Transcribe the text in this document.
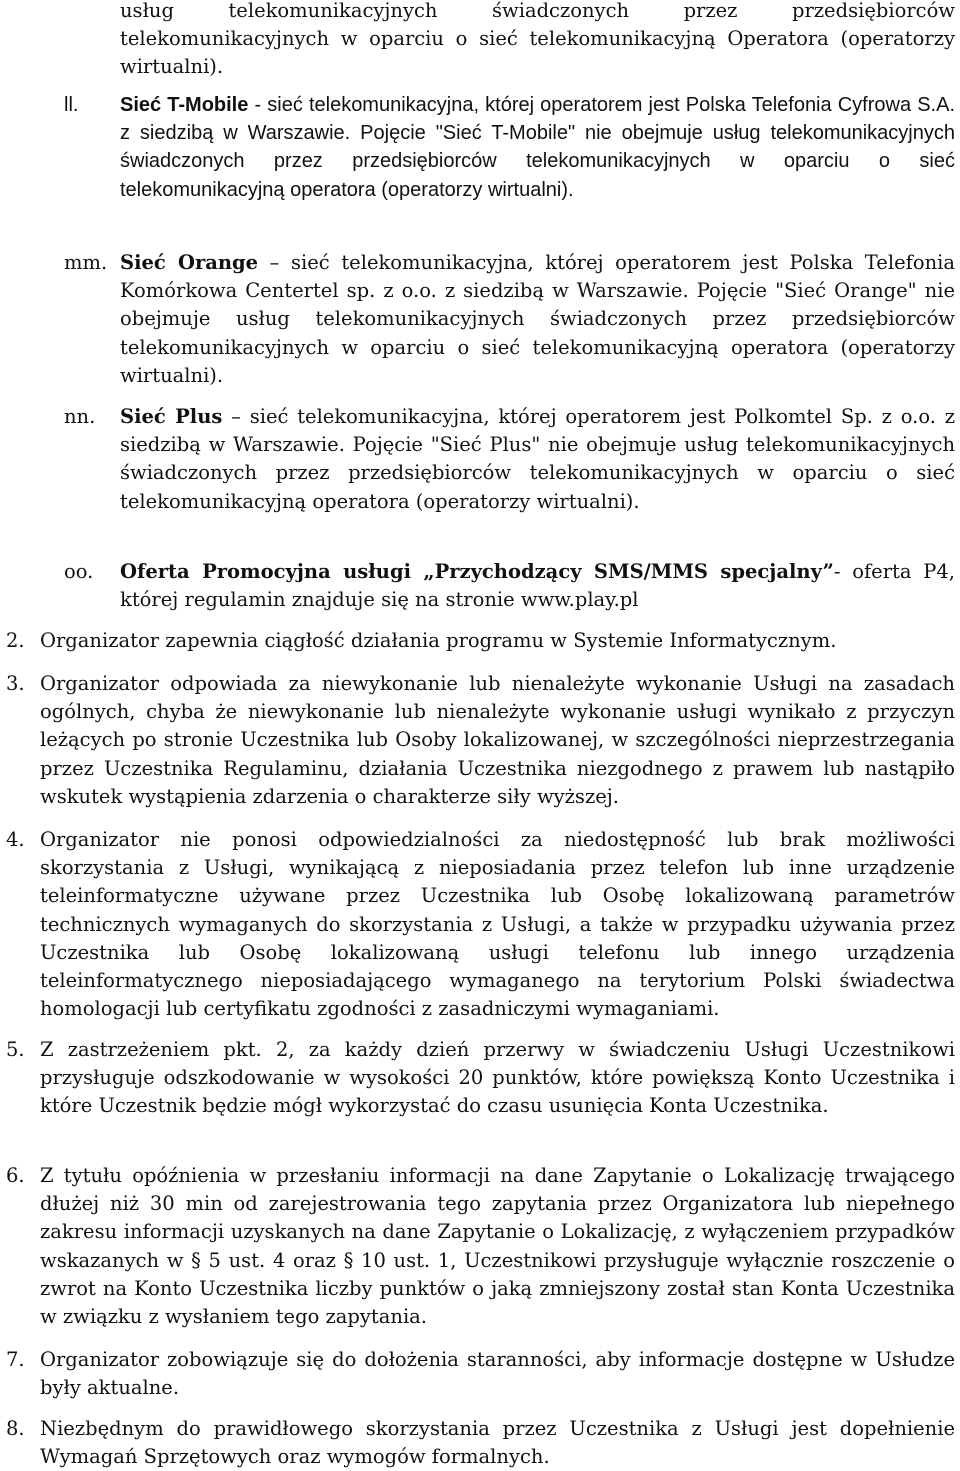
usług telekomunikacyjnych świadczonych przez przedsiębiorców telekomunikacyjnych w oparciu o sieć telekomunikacyjną Operatora (operatorzy wirtualni).
ll.	Sieć T-Mobile - sieć telekomunikacyjna, której operatorem jest Polska Telefonia Cyfrowa S.A. z siedzibą w Warszawie. Pojęcie "Sieć T-Mobile" nie obejmuje usług telekomunikacyjnych świadczonych przez przedsiębiorców telekomunikacyjnych w oparciu o sieć telekomunikacyjną operatora (operatorzy wirtualni).
mm. Sieć Orange – sieć telekomunikacyjna, której operatorem jest Polska Telefonia Komórkowa Centertel sp. z o.o. z siedzibą w Warszawie. Pojęcie "Sieć Orange" nie obejmuje usług telekomunikacyjnych świadczonych przez przedsiębiorców telekomunikacyjnych w oparciu o sieć telekomunikacyjną operatora (operatorzy wirtualni).
nn.	Sieć Plus – sieć telekomunikacyjna, której operatorem jest Polkomtel Sp. z o.o. z siedzibą w Warszawie. Pojęcie "Sieć Plus" nie obejmuje usług telekomunikacyjnych świadczonych przez przedsiębiorców telekomunikacyjnych w oparciu o sieć telekomunikacyjną operatora (operatorzy wirtualni).
oo.	Oferta Promocyjna usługi „Przychodzący SMS/MMS specjalny”- oferta P4, której regulamin znajduje się na stronie www.play.pl
2. Organizator zapewnia ciągłość działania programu w Systemie Informatycznym.
3. Organizator odpowiada za niewykonanie lub nienależyte wykonanie Usługi na zasadach ogólnych, chyba że niewykonanie lub nienależyte wykonanie usługi wynikało z przyczyn leżących po stronie Uczestnika lub Osoby lokalizowanej, w szczególności nieprzestrzegania przez Uczestnika Regulaminu, działania Uczestnika niezgodnego z prawem lub nastąpiło wskutek wystąpienia zdarzenia o charakterze siły wyższej.
4. Organizator nie ponosi odpowiedzialności za niedostępność lub brak możliwości skorzystania z Usługi, wynikającą z nieposiadania przez telefon lub inne urządzenie teleinformatyczne używane przez Uczestnika lub Osobę lokalizowaną parametrów technicznych wymaganych do skorzystania z Usługi, a także w przypadku używania przez Uczestnika lub Osobę lokalizowaną usługi telefonu lub innego urządzenia teleinformatycznego nieposiadającego wymaganego na terytorium Polski świadectwa homologacji lub certyfikatu zgodności z zasadniczymi wymaganiami.
5. Z zastrzeżeniem pkt. 2, za każdy dzień przerwy w świadczeniu Usługi Uczestnikowi przysługuje odszkodowanie w wysokości 20 punktów, które powiększą Konto Uczestnika i które Uczestnik będzie mógł wykorzystać do czasu usunięcia Konta Uczestnika.
6. Z tytułu opóźnienia w przesłaniu informacji na dane Zapytanie o Lokalizację trwającego dłużej niż 30 min od zarejestrowania tego zapytania przez Organizatora lub niepełnego zakresu informacji uzyskanych na dane Zapytanie o Lokalizację, z wyłączeniem przypadków wskazanych w § 5 ust. 4 oraz § 10 ust. 1, Uczestnikowi przysługuje wyłącznie roszczenie o zwrot na Konto Uczestnika liczby punktów o jaką zmniejszony został stan Konta Uczestnika w związku z wysłaniem tego zapytania.
7. Organizator zobowiązuje się do dołożenia staranności, aby informacje dostępne w Usłudze były aktualne.
8. Niezbędnym do prawidłowego skorzystania przez Uczestnika z Usługi jest dopełnienie Wymagań Sprzętowych oraz wymogów formalnych.
